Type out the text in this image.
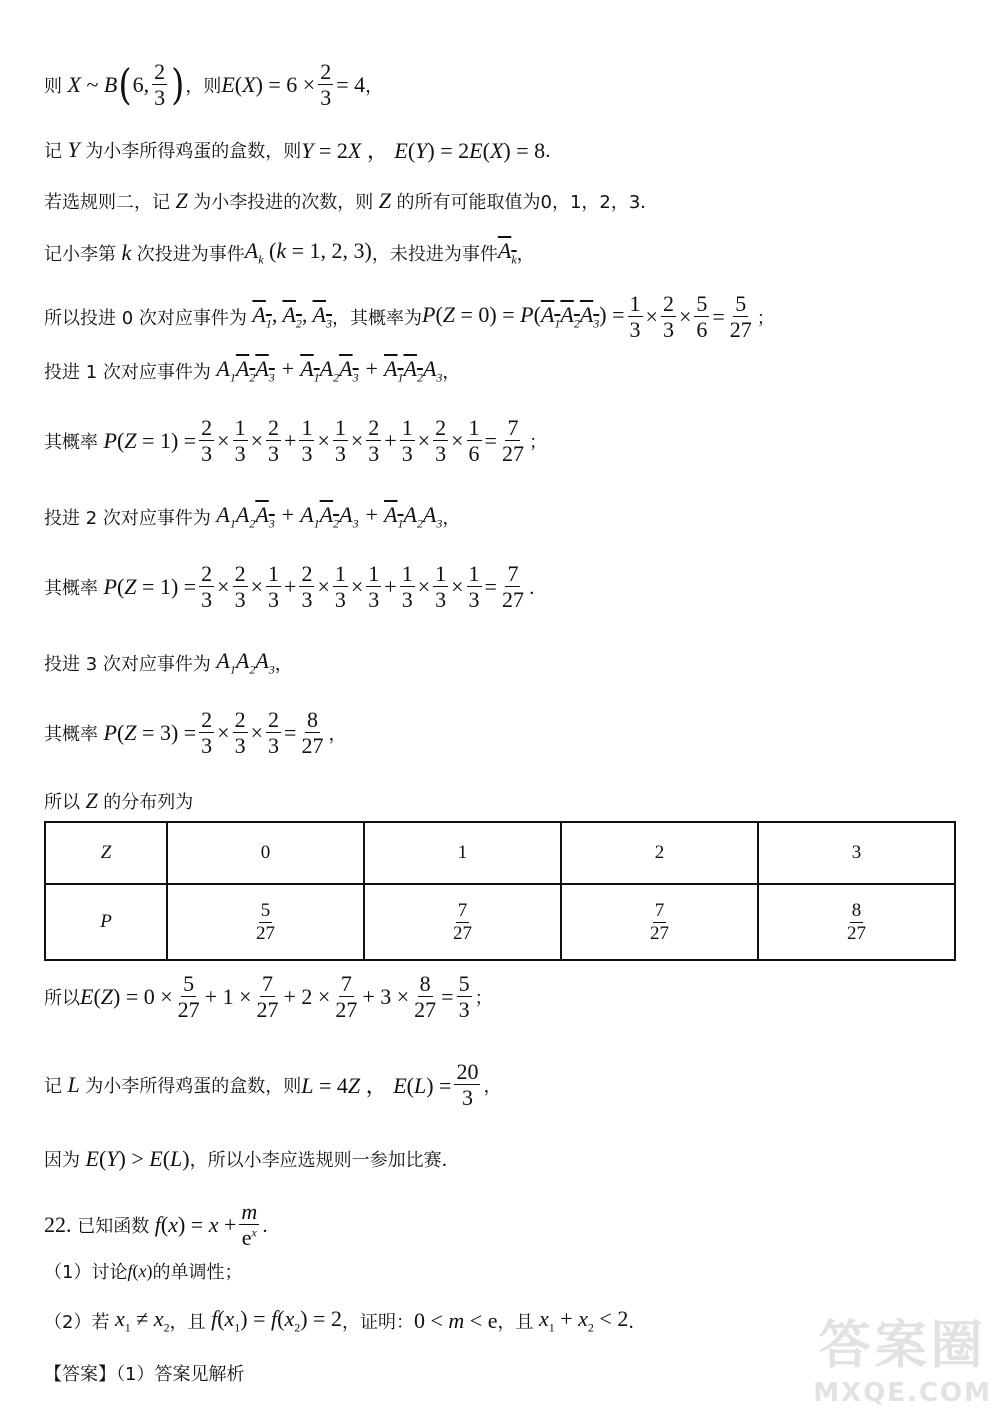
则 X ~ B ( 6, $\frac{2}{3}$ ) ，则 $E(X) = 6 \times \frac{2}{3} = 4$ ，
记 Y 为小李所得鸡蛋的盒数，则 Y = 2X ， E(Y) = 2E(X) = 8 ．
若选规则二，记 Z 为小李投进的次数，则 Z 的所有可能取值为 0，1，2，3．
记小李第 k 次投进为事件 $A_k$ (k = 1, 2, 3) ，未投进为事件 $A_k$ ，
所以投进 0 次对应事件为 $A_1$, $A_2$, $A_3$ ，其概率为 $P(Z = 0) = P(A_1A_2A_3) = \frac{1}{3} \times \frac{2}{3} \times \frac{5}{6} = \frac{5}{27}$ ；
投进 1 次对应事件为 $A_1A_2A_3 + A_1A_2A_3 + A_1A_2A_3$ ，
其概率 $P(Z = 1) = \frac{2}{3} \times \frac{1}{3} \times \frac{2}{3} + \frac{1}{3} \times \frac{1}{3} \times \frac{2}{3} + \frac{1}{3} \times \frac{2}{3} \times \frac{1}{6} = \frac{7}{27}$ ；
投进 2 次对应事件为 $A_1A_2A_3 + A_1A_2A_3 + A_1A_2A_3$ ，
其概率 $P(Z = 1) = \frac{2}{3} \times \frac{2}{3} \times \frac{1}{3} + \frac{2}{3} \times \frac{1}{3} \times \frac{1}{3} + \frac{1}{3} \times \frac{1}{3} \times \frac{1}{3} = \frac{7}{27}$ ．
投进 3 次对应事件为 $A_1A_2A_3$ ，
其概率 $P(Z = 3) = \frac{2}{3} \times \frac{2}{3} \times \frac{2}{3} = \frac{8}{27}$ ，
所以 Z 的分布列为
Z	0	1	2	3
P	$\frac{5}{27}$	$\frac{7}{27}$	$\frac{7}{27}$	$\frac{8}{27}$
所以 $E(Z) = 0 \times \frac{5}{27} + 1 \times \frac{7}{27} + 2 \times \frac{7}{27} + 3 \times \frac{8}{27} = \frac{5}{3}$ ；
记 L 为小李所得鸡蛋的盒数，则 L = 4Z ， $E(L) = \frac{20}{3}$ ，
因为 E(Y) > E(L) ，所以小李应选规则一参加比赛．
22.
已知函数 $f(x) = x + \frac{m}{e^x}$ ．
（1）讨论 f(x) 的单调性；
（2）若 $x_1 \ne x_2$ ，且 $f(x_1) = f(x_2) = 2$ ，证明： 0 < m < e ，且 $x_1 + x_2 < 2$ ．
【答案】（1）答案见解析	答案圈
MXQE.COM
